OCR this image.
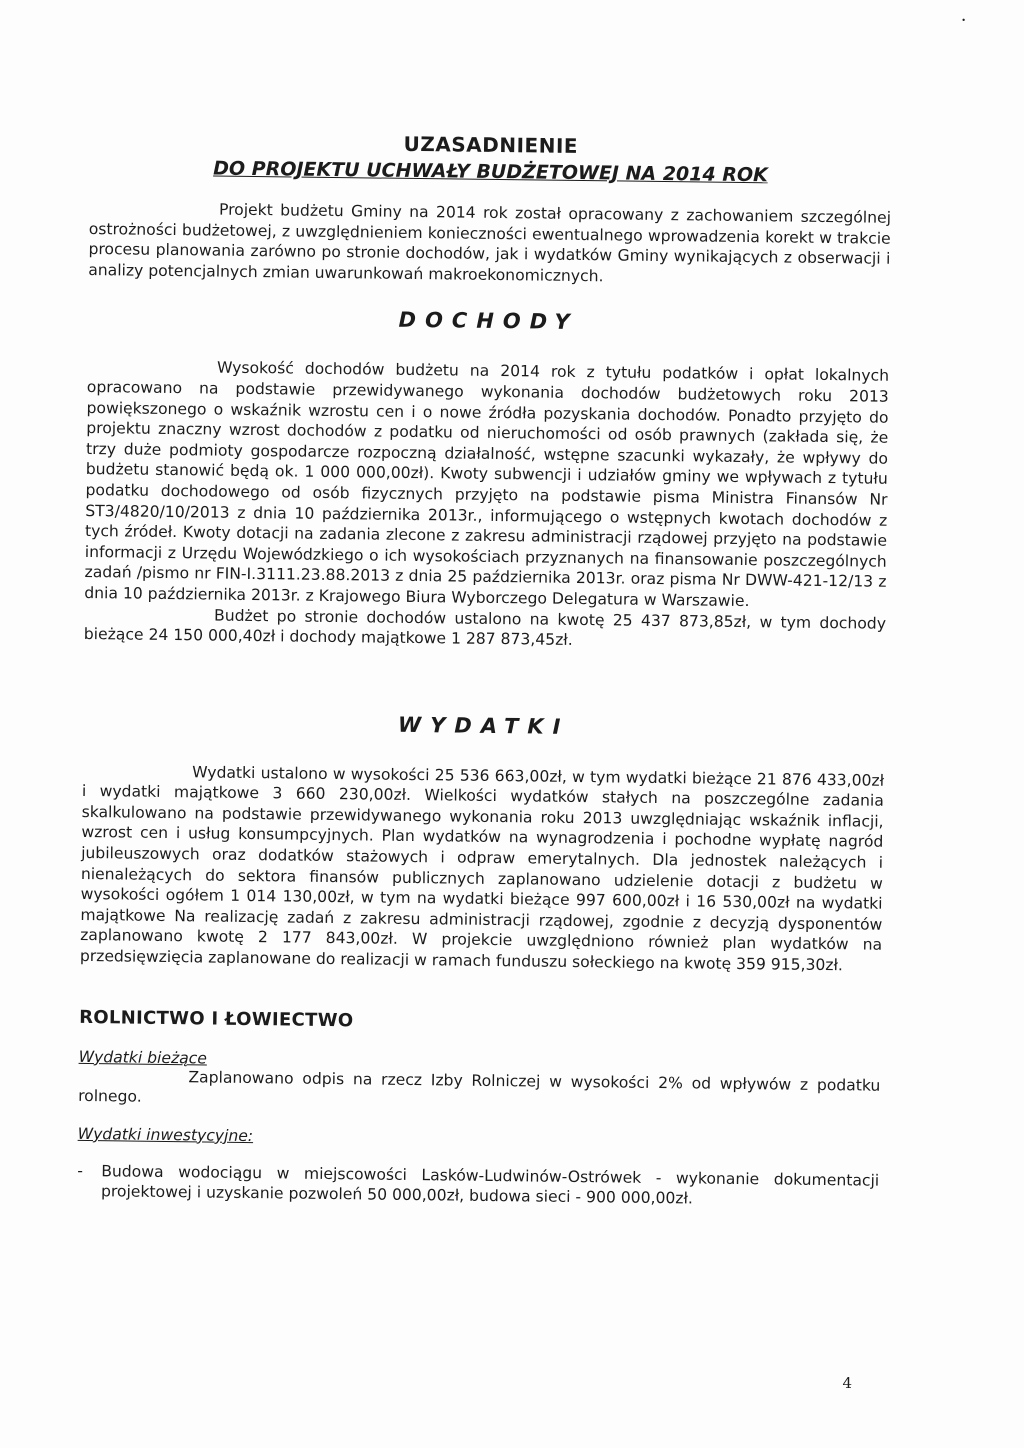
•
UZASADNIENIE
DO PROJEKTU UCHWAŁY BUDŻETOWEJ NA 2014 ROK

Projekt budżetu Gminy na 2014 rok został opracowany z zachowaniem szczególnej ostrożności budżetowej, z uwzględnieniem konieczności ewentualnego wprowadzenia korekt w trakcie procesu planowania zarówno po stronie dochodów, jak i wydatków Gminy wynikających z obserwacji i analizy potencjalnych zmian uwarunkowań makroekonomicznych.

DOCHODY

Wysokość dochodów budżetu na 2014 rok z tytułu podatków i opłat lokalnych opracowano na podstawie przewidywanego wykonania dochodów budżetowych roku 2013 powiększonego o wskaźnik wzrostu cen i o nowe źródła pozyskania dochodów. Ponadto przyjęto do projektu znaczny wzrost dochodów z podatku od nieruchomości od osób prawnych (zakłada się, że trzy duże podmioty gospodarcze rozpoczną działalność, wstępne szacunki wykazały, że wpływy do budżetu stanowić będą ok. 1 000 000,00zł). Kwoty subwencji i udziałów gminy we wpływach z tytułu podatku dochodowego od osób fizycznych przyjęto na podstawie pisma Ministra Finansów Nr ST3/4820/10/2013 z dnia 10 października 2013r., informującego o wstępnych kwotach dochodów z tych źródeł. Kwoty dotacji na zadania zlecone z zakresu administracji rządowej przyjęto na podstawie informacji z Urzędu Wojewódzkiego o ich wysokościach przyznanych na finansowanie poszczególnych zadań /pismo nr FIN-I.3111.23.88.2013 z dnia 25 października 2013r. oraz pisma Nr DWW-421-12/13 z dnia 10 października 2013r. z Krajowego Biura Wyborczego Delegatura w Warszawie.

Budżet po stronie dochodów ustalono na kwotę 25 437 873,85zł, w tym dochody bieżące 24 150 000,40zł i dochody majątkowe 1 287 873,45zł.

WYDATKI

Wydatki ustalono w wysokości 25 536 663,00zł, w tym wydatki bieżące 21 876 433,00zł i wydatki majątkowe 3 660 230,00zł. Wielkości wydatków stałych na poszczególne zadania skalkulowano na podstawie przewidywanego wykonania roku 2013 uwzględniając wskaźnik inflacji, wzrost cen i usług konsumpcyjnych. Plan wydatków na wynagrodzenia i pochodne wypłatę nagród jubileuszowych oraz dodatków stażowych i odpraw emerytalnych. Dla jednostek należących i nienależących do sektora finansów publicznych zaplanowano udzielenie dotacji z budżetu w wysokości ogółem 1 014 130,00zł, w tym na wydatki bieżące 997 600,00zł i 16 530,00zł na wydatki majątkowe Na realizację zadań z zakresu administracji rządowej, zgodnie z decyzją dysponentów zaplanowano kwotę 2 177 843,00zł. W projekcie uwzględniono również plan wydatków na przedsięwzięcia zaplanowane do realizacji w ramach funduszu sołeckiego na kwotę 359 915,30zł.

ROLNICTWO I ŁOWIECTWO
Wydatki bieżące

Zaplanowano odpis na rzecz Izby Rolniczej w wysokości 2% od wpływów z podatku rolnego.

Wydatki inwestycyjne:
-	Budowa wodociągu w miejscowości Lasków-Ludwinów-Ostrówek - wykonanie dokumentacji projektowej i uzyskanie pozwoleń 50 000,00zł, budowa sieci - 900 000,00zł.

4
